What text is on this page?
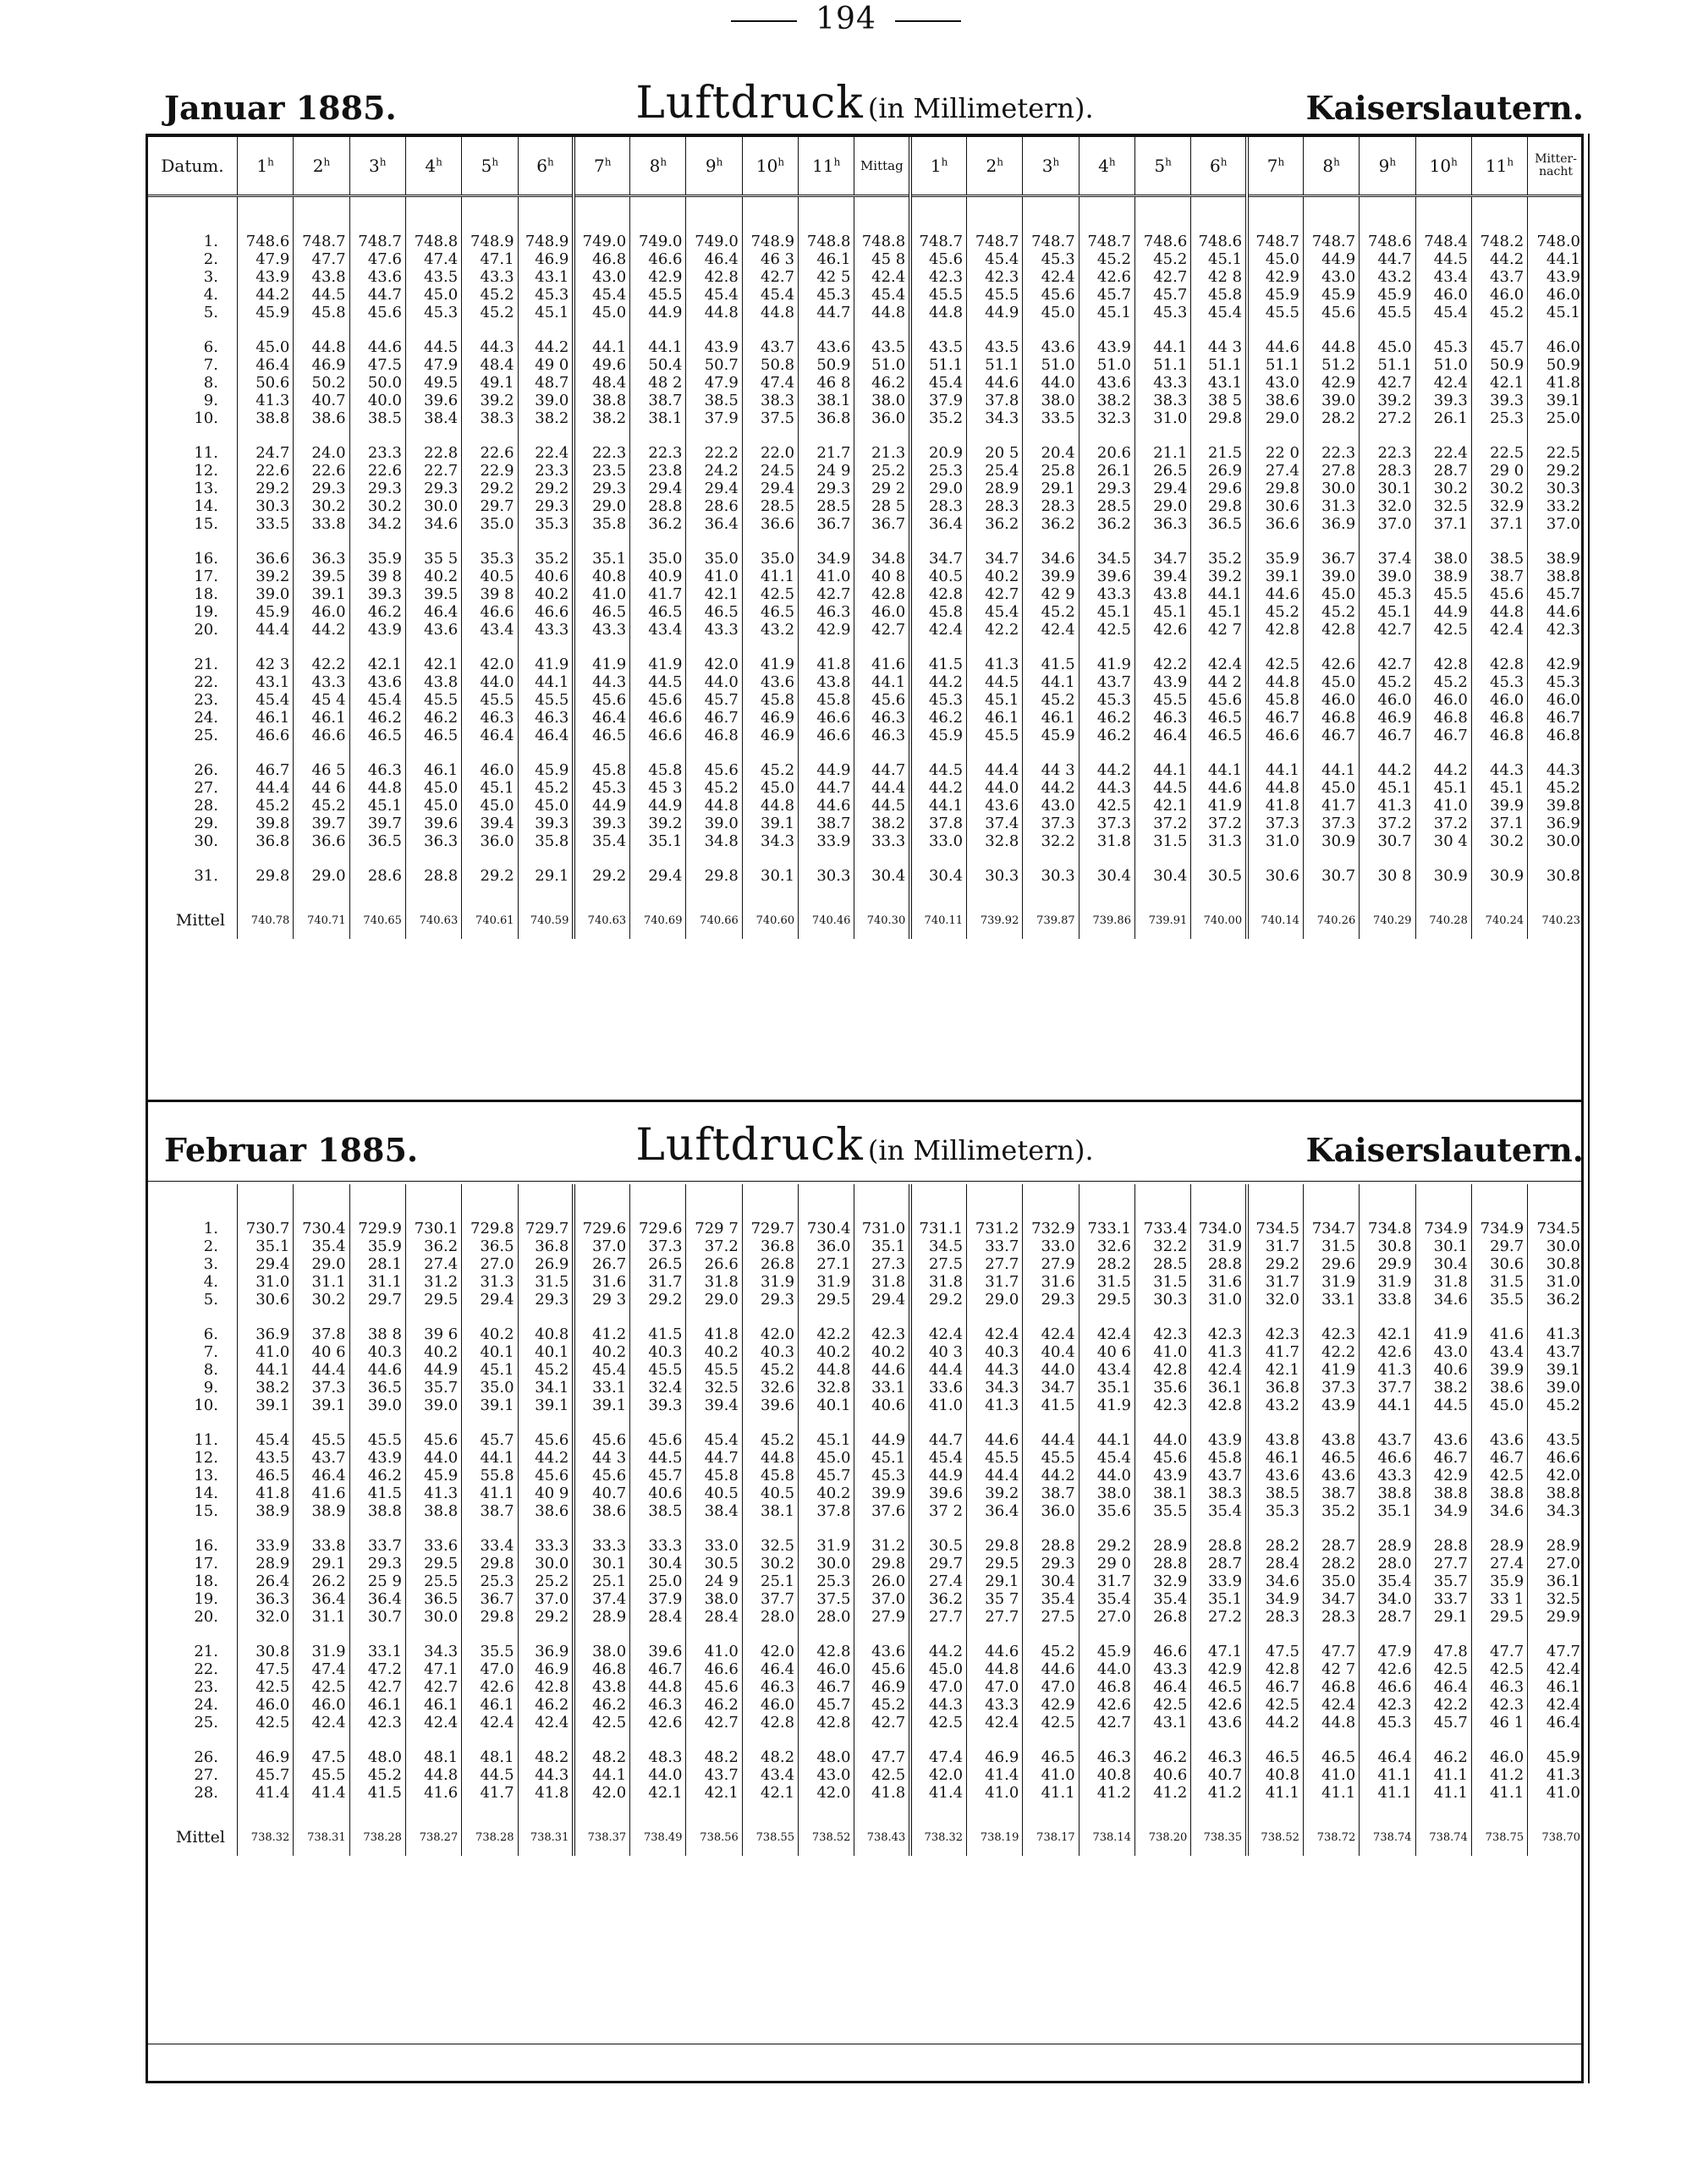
194
Januar 1885.	Luftdruck (in Millimetern).	Kaiserslautern.
Datum.	1$^h$	2$^h$	3$^h$	4$^h$	5$^h$	6$^h$	7$^h$	8$^h$	9$^h$	10$^h$	11$^h$	Mittag	1$^h$	2$^h$	3$^h$	4$^h$	5$^h$	6$^h$	7$^h$	8$^h$	9$^h$	10$^h$	11$^h$	Mitter-
nacht

1.	748.6	748.7	748.7	748.8	748.9	748.9	749.0	749.0	749.0	748.9	748.8	748.8	748.7	748.7	748.7	748.7	748.6	748.6	748.7	748.7	748.6	748.4	748.2	748.0
2.	47.9	47.7	47.6	47.4	47.1	46.9	46.8	46.6	46.4	46 3	46.1	45 8	45.6	45.4	45.3	45.2	45.2	45.1	45.0	44.9	44.7	44.5	44.2	44.1
3.	43.9	43.8	43.6	43.5	43.3	43.1	43.0	42.9	42.8	42.7	42 5	42.4	42.3	42.3	42.4	42.6	42.7	42 8	42.9	43.0	43.2	43.4	43.7	43.9
4.	44.2	44.5	44.7	45.0	45.2	45.3	45.4	45.5	45.4	45.4	45.3	45.4	45.5	45.5	45.6	45.7	45.7	45.8	45.9	45.9	45.9	46.0	46.0	46.0
5.	45.9	45.8	45.6	45.3	45.2	45.1	45.0	44.9	44.8	44.8	44.7	44.8	44.8	44.9	45.0	45.1	45.3	45.4	45.5	45.6	45.5	45.4	45.2	45.1

6.	45.0	44.8	44.6	44.5	44.3	44.2	44.1	44.1	43.9	43.7	43.6	43.5	43.5	43.5	43.6	43.9	44.1	44 3	44.6	44.8	45.0	45.3	45.7	46.0
7.	46.4	46.9	47.5	47.9	48.4	49 0	49.6	50.4	50.7	50.8	50.9	51.0	51.1	51.1	51.0	51.0	51.1	51.1	51.1	51.2	51.1	51.0	50.9	50.9
8.	50.6	50.2	50.0	49.5	49.1	48.7	48.4	48 2	47.9	47.4	46 8	46.2	45.4	44.6	44.0	43.6	43.3	43.1	43.0	42.9	42.7	42.4	42.1	41.8
9.	41.3	40.7	40.0	39.6	39.2	39.0	38.8	38.7	38.5	38.3	38.1	38.0	37.9	37.8	38.0	38.2	38.3	38 5	38.6	39.0	39.2	39.3	39.3	39.1
10.	38.8	38.6	38.5	38.4	38.3	38.2	38.2	38.1	37.9	37.5	36.8	36.0	35.2	34.3	33.5	32.3	31.0	29.8	29.0	28.2	27.2	26.1	25.3	25.0

11.	24.7	24.0	23.3	22.8	22.6	22.4	22.3	22.3	22.2	22.0	21.7	21.3	20.9	20 5	20.4	20.6	21.1	21.5	22 0	22.3	22.3	22.4	22.5	22.5
12.	22.6	22.6	22.6	22.7	22.9	23.3	23.5	23.8	24.2	24.5	24 9	25.2	25.3	25.4	25.8	26.1	26.5	26.9	27.4	27.8	28.3	28.7	29 0	29.2
13.	29.2	29.3	29.3	29.3	29.2	29.2	29.3	29.4	29.4	29.4	29.3	29 2	29.0	28.9	29.1	29.3	29.4	29.6	29.8	30.0	30.1	30.2	30.2	30.3
14.	30.3	30.2	30.2	30.0	29.7	29.3	29.0	28.8	28.6	28.5	28.5	28 5	28.3	28.3	28.3	28.5	29.0	29.8	30.6	31.3	32.0	32.5	32.9	33.2
15.	33.5	33.8	34.2	34.6	35.0	35.3	35.8	36.2	36.4	36.6	36.7	36.7	36.4	36.2	36.2	36.2	36.3	36.5	36.6	36.9	37.0	37.1	37.1	37.0

16.	36.6	36.3	35.9	35 5	35.3	35.2	35.1	35.0	35.0	35.0	34.9	34.8	34.7	34.7	34.6	34.5	34.7	35.2	35.9	36.7	37.4	38.0	38.5	38.9
17.	39.2	39.5	39 8	40.2	40.5	40.6	40.8	40.9	41.0	41.1	41.0	40 8	40.5	40.2	39.9	39.6	39.4	39.2	39.1	39.0	39.0	38.9	38.7	38.8
18.	39.0	39.1	39.3	39.5	39 8	40.2	41.0	41.7	42.1	42.5	42.7	42.8	42.8	42.7	42 9	43.3	43.8	44.1	44.6	45.0	45.3	45.5	45.6	45.7
19.	45.9	46.0	46.2	46.4	46.6	46.6	46.5	46.5	46.5	46.5	46.3	46.0	45.8	45.4	45.2	45.1	45.1	45.1	45.2	45.2	45.1	44.9	44.8	44.6
20.	44.4	44.2	43.9	43.6	43.4	43.3	43.3	43.4	43.3	43.2	42.9	42.7	42.4	42.2	42.4	42.5	42.6	42 7	42.8	42.8	42.7	42.5	42.4	42.3

21.	42 3	42.2	42.1	42.1	42.0	41.9	41.9	41.9	42.0	41.9	41.8	41.6	41.5	41.3	41.5	41.9	42.2	42.4	42.5	42.6	42.7	42.8	42.8	42.9
22.	43.1	43.3	43.6	43.8	44.0	44.1	44.3	44.5	44.0	43.6	43.8	44.1	44.2	44.5	44.1	43.7	43.9	44 2	44.8	45.0	45.2	45.2	45.3	45.3
23.	45.4	45 4	45.4	45.5	45.5	45.5	45.6	45.6	45.7	45.8	45.8	45.6	45.3	45.1	45.2	45.3	45.5	45.6	45.8	46.0	46.0	46.0	46.0	46.0
24.	46.1	46.1	46.2	46.2	46.3	46.3	46.4	46.6	46.7	46.9	46.6	46.3	46.2	46.1	46.1	46.2	46.3	46.5	46.7	46.8	46.9	46.8	46.8	46.7
25.	46.6	46.6	46.5	46.5	46.4	46.4	46.5	46.6	46.8	46.9	46.6	46.3	45.9	45.5	45.9	46.2	46.4	46.5	46.6	46.7	46.7	46.7	46.8	46.8

26.	46.7	46 5	46.3	46.1	46.0	45.9	45.8	45.8	45.6	45.2	44.9	44.7	44.5	44.4	44 3	44.2	44.1	44.1	44.1	44.1	44.2	44.2	44.3	44.3
27.	44.4	44 6	44.8	45.0	45.1	45.2	45.3	45 3	45.2	45.0	44.7	44.4	44.2	44.0	44.2	44.3	44.5	44.6	44.8	45.0	45.1	45.1	45.1	45.2
28.	45.2	45.2	45.1	45.0	45.0	45.0	44.9	44.9	44.8	44.8	44.6	44.5	44.1	43.6	43.0	42.5	42.1	41.9	41.8	41.7	41.3	41.0	39.9	39.8
29.	39.8	39.7	39.7	39.6	39.4	39.3	39.3	39.2	39.0	39.1	38.7	38.2	37.8	37.4	37.3	37.3	37.2	37.2	37.3	37.3	37.2	37.2	37.1	36.9
30.	36.8	36.6	36.5	36.3	36.0	35.8	35.4	35.1	34.8	34.3	33.9	33.3	33.0	32.8	32.2	31.8	31.5	31.3	31.0	30.9	30.7	30 4	30.2	30.0

31.	29.8	29.0	28.6	28.8	29.2	29.1	29.2	29.4	29.8	30.1	30.3	30.4	30.4	30.3	30.3	30.4	30.4	30.5	30.6	30.7	30 8	30.9	30.9	30.8

Mittel	740.78	740.71	740.65	740.63	740.61	740.59	740.63	740.69	740.66	740.60	740.46	740.30	740.11	739.92	739.87	739.86	739.91	740.00	740.14	740.26	740.29	740.28	740.24	740.23
Februar 1885.	Luftdruck (in Millimetern).	Kaiserslautern.

1.	730.7	730.4	729.9	730.1	729.8	729.7	729.6	729.6	729 7	729.7	730.4	731.0	731.1	731.2	732.9	733.1	733.4	734.0	734.5	734.7	734.8	734.9	734.9	734.5
2.	35.1	35.4	35.9	36.2	36.5	36.8	37.0	37.3	37.2	36.8	36.0	35.1	34.5	33.7	33.0	32.6	32.2	31.9	31.7	31.5	30.8	30.1	29.7	30.0
3.	29.4	29.0	28.1	27.4	27.0	26.9	26.7	26.5	26.6	26.8	27.1	27.3	27.5	27.7	27.9	28.2	28.5	28.8	29.2	29.6	29.9	30.4	30.6	30.8
4.	31.0	31.1	31.1	31.2	31.3	31.5	31.6	31.7	31.8	31.9	31.9	31.8	31.8	31.7	31.6	31.5	31.5	31.6	31.7	31.9	31.9	31.8	31.5	31.0
5.	30.6	30.2	29.7	29.5	29.4	29.3	29 3	29.2	29.0	29.3	29.5	29.4	29.2	29.0	29.3	29.5	30.3	31.0	32.0	33.1	33.8	34.6	35.5	36.2

6.	36.9	37.8	38 8	39 6	40.2	40.8	41.2	41.5	41.8	42.0	42.2	42.3	42.4	42.4	42.4	42.4	42.3	42.3	42.3	42.3	42.1	41.9	41.6	41.3
7.	41.0	40 6	40.3	40.2	40.1	40.1	40.2	40.3	40.2	40.3	40.2	40.2	40 3	40.3	40.4	40 6	41.0	41.3	41.7	42.2	42.6	43.0	43.4	43.7
8.	44.1	44.4	44.6	44.9	45.1	45.2	45.4	45.5	45.5	45.2	44.8	44.6	44.4	44.3	44.0	43.4	42.8	42.4	42.1	41.9	41.3	40.6	39.9	39.1
9.	38.2	37.3	36.5	35.7	35.0	34.1	33.1	32.4	32.5	32.6	32.8	33.1	33.6	34.3	34.7	35.1	35.6	36.1	36.8	37.3	37.7	38.2	38.6	39.0
10.	39.1	39.1	39.0	39.0	39.1	39.1	39.1	39.3	39.4	39.6	40.1	40.6	41.0	41.3	41.5	41.9	42.3	42.8	43.2	43.9	44.1	44.5	45.0	45.2

11.	45.4	45.5	45.5	45.6	45.7	45.6	45.6	45.6	45.4	45.2	45.1	44.9	44.7	44.6	44.4	44.1	44.0	43.9	43.8	43.8	43.7	43.6	43.6	43.5
12.	43.5	43.7	43.9	44.0	44.1	44.2	44 3	44.5	44.7	44.8	45.0	45.1	45.4	45.5	45.5	45.4	45.6	45.8	46.1	46.5	46.6	46.7	46.7	46.6
13.	46.5	46.4	46.2	45.9	55.8	45.6	45.6	45.7	45.8	45.8	45.7	45.3	44.9	44.4	44.2	44.0	43.9	43.7	43.6	43.6	43.3	42.9	42.5	42.0
14.	41.8	41.6	41.5	41.3	41.1	40 9	40.7	40.6	40.5	40.5	40.2	39.9	39.6	39.2	38.7	38.0	38.1	38.3	38.5	38.7	38.8	38.8	38.8	38.8
15.	38.9	38.9	38.8	38.8	38.7	38.6	38.6	38.5	38.4	38.1	37.8	37.6	37 2	36.4	36.0	35.6	35.5	35.4	35.3	35.2	35.1	34.9	34.6	34.3

16.	33.9	33.8	33.7	33.6	33.4	33.3	33.3	33.3	33.0	32.5	31.9	31.2	30.5	29.8	28.8	29.2	28.9	28.8	28.2	28.7	28.9	28.8	28.9	28.9
17.	28.9	29.1	29.3	29.5	29.8	30.0	30.1	30.4	30.5	30.2	30.0	29.8	29.7	29.5	29.3	29 0	28.8	28.7	28.4	28.2	28.0	27.7	27.4	27.0
18.	26.4	26.2	25 9	25.5	25.3	25.2	25.1	25.0	24 9	25.1	25.3	26.0	27.4	29.1	30.4	31.7	32.9	33.9	34.6	35.0	35.4	35.7	35.9	36.1
19.	36.3	36.4	36.4	36.5	36.7	37.0	37.4	37.9	38.0	37.7	37.5	37.0	36.2	35 7	35.4	35.4	35.4	35.1	34.9	34.7	34.0	33.7	33 1	32.5
20.	32.0	31.1	30.7	30.0	29.8	29.2	28.9	28.4	28.4	28.0	28.0	27.9	27.7	27.7	27.5	27.0	26.8	27.2	28.3	28.3	28.7	29.1	29.5	29.9

21.	30.8	31.9	33.1	34.3	35.5	36.9	38.0	39.6	41.0	42.0	42.8	43.6	44.2	44.6	45.2	45.9	46.6	47.1	47.5	47.7	47.9	47.8	47.7	47.7
22.	47.5	47.4	47.2	47.1	47.0	46.9	46.8	46.7	46.6	46.4	46.0	45.6	45.0	44.8	44.6	44.0	43.3	42.9	42.8	42 7	42.6	42.5	42.5	42.4
23.	42.5	42.5	42.7	42.7	42.6	42.8	43.8	44.8	45.6	46.3	46.7	46.9	47.0	47.0	47.0	46.8	46.4	46.5	46.7	46.8	46.6	46.4	46.3	46.1
24.	46.0	46.0	46.1	46.1	46.1	46.2	46.2	46.3	46.2	46.0	45.7	45.2	44.3	43.3	42.9	42.6	42.5	42.6	42.5	42.4	42.3	42.2	42.3	42.4
25.	42.5	42.4	42.3	42.4	42.4	42.4	42.5	42.6	42.7	42.8	42.8	42.7	42.5	42.4	42.5	42.7	43.1	43.6	44.2	44.8	45.3	45.7	46 1	46.4

26.	46.9	47.5	48.0	48.1	48.1	48.2	48.2	48.3	48.2	48.2	48.0	47.7	47.4	46.9	46.5	46.3	46.2	46.3	46.5	46.5	46.4	46.2	46.0	45.9
27.	45.7	45.5	45.2	44.8	44.5	44.3	44.1	44.0	43.7	43.4	43.0	42.5	42.0	41.4	41.0	40.8	40.6	40.7	40.8	41.0	41.1	41.1	41.2	41.3
28.	41.4	41.4	41.5	41.6	41.7	41.8	42.0	42.1	42.1	42.1	42.0	41.8	41.4	41.0	41.1	41.2	41.2	41.2	41.1	41.1	41.1	41.1	41.1	41.0

Mittel	738.32	738.31	738.28	738.27	738.28	738.31	738.37	738.49	738.56	738.55	738.52	738.43	738.32	738.19	738.17	738.14	738.20	738.35	738.52	738.72	738.74	738.74	738.75	738.70
